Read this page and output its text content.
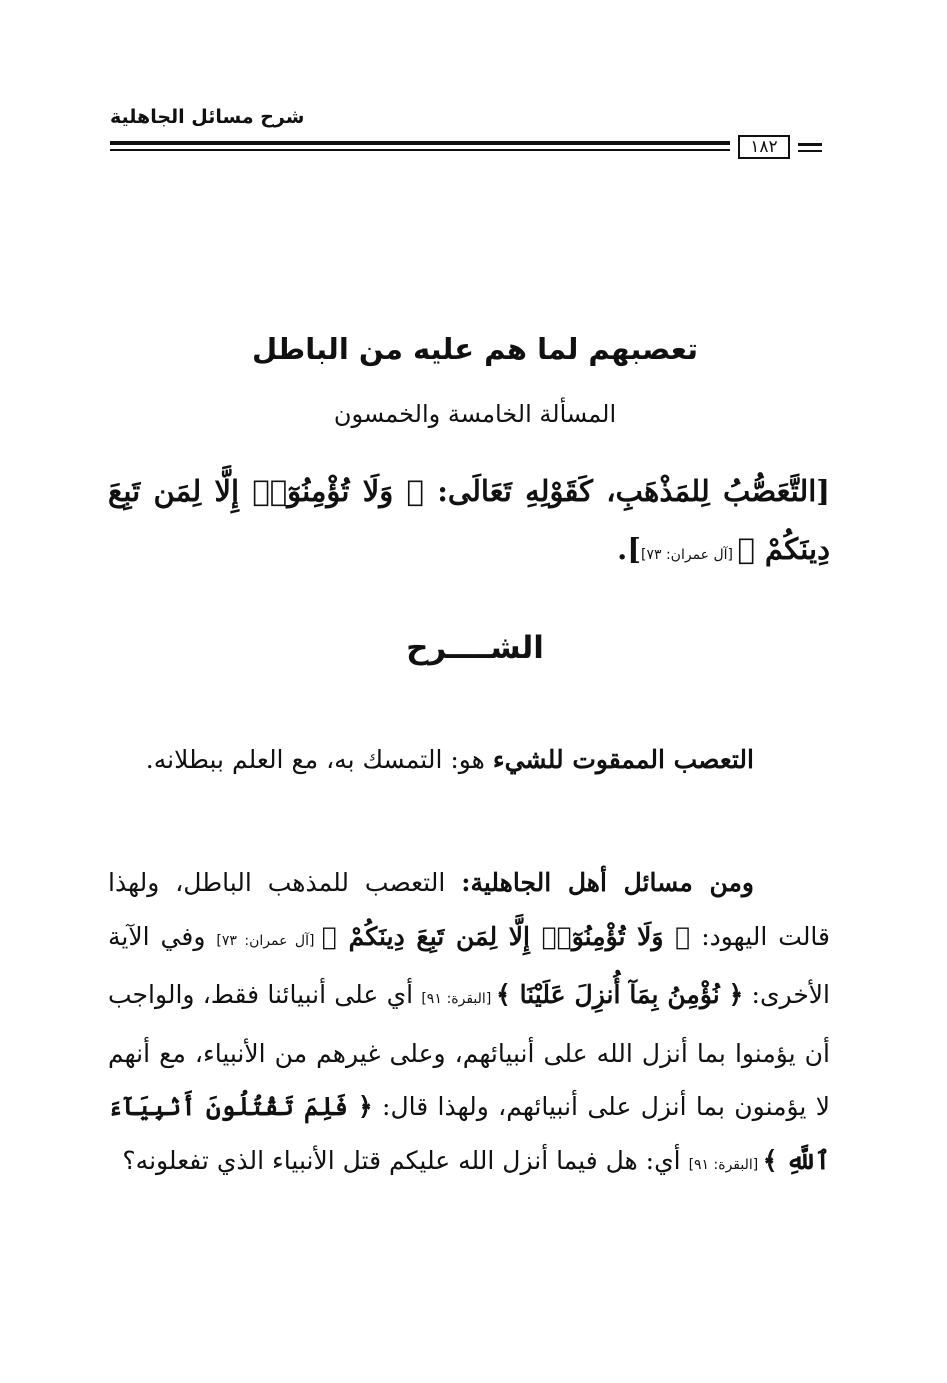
شرح مسائل الجاهلية
١٨٢
تعصبهم لما هم عليه من الباطل
المسألة الخامسة والخمسون

[التَّعَصُّبُ لِلمَذْهَبِ، كَقَوْلِهِ تَعَالَى: ﴿ وَلَا تُؤْمِنُوٓا۟ إِلَّا لِمَن تَبِعَ دِينَكُمْ ﴾ [آل عمران: ٧٣]].

الشــــرح

التعصب الممقوت للشيء هو: التمسك به، مع العلم ببطلانه.

ومن مسائل أهل الجاهلية: التعصب للمذهب الباطل، ولهذا قالت اليهود: ﴿ وَلَا تُؤْمِنُوٓا۟ إِلَّا لِمَن تَبِعَ دِينَكُمْ ﴾ [آل عمران: ٧٣] وفي الآية الأخرى: ﴿ نُؤْمِنُ بِمَآ أُنزِلَ عَلَيْنَا ﴾ [البقرة: ٩١] أي على أنبيائنا فقط، والواجب أن يؤمنوا بما أنزل الله على أنبيائهم، وعلى غيرهم من الأنبياء، مع أنهم لا يؤمنون بما أنزل على أنبيائهم، ولهذا قال: ﴿ فَلِمَ تَقْتُلُونَ أَنۢبِيَآءَ ٱللَّهِ ﴾ [البقرة: ٩١] أي: هل فيما أنزل الله عليكم قتل الأنبياء الذي تفعلونه؟
